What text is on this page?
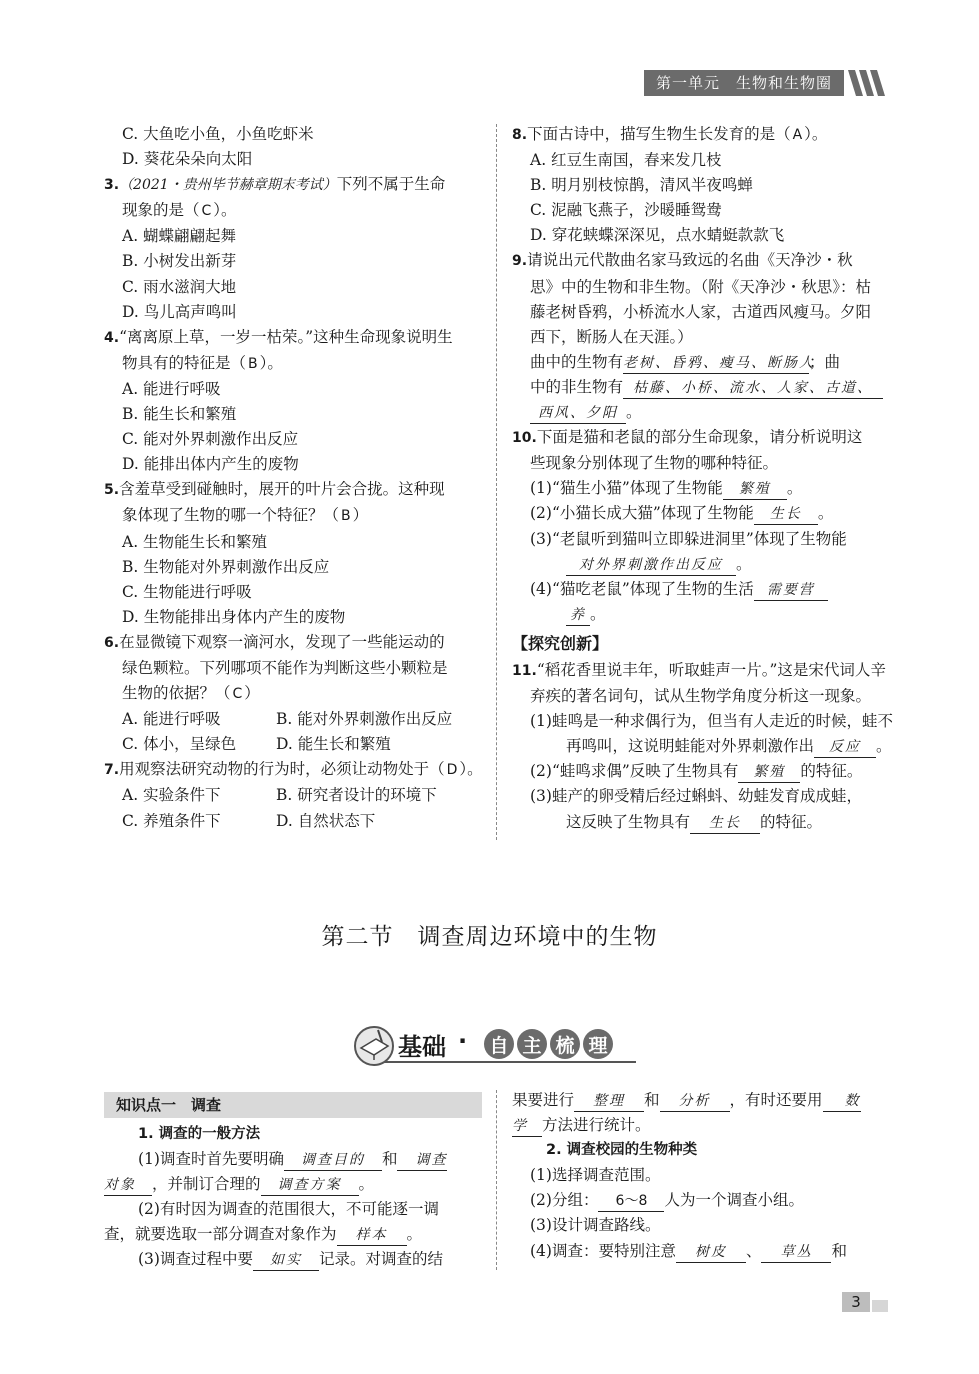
第一单元　生物和生物圈

C. 大鱼吃小鱼，小鱼吃虾米

D. 葵花朵朵向太阳

3.（2021・贵州毕节赫章期末考试）下列不属于生命

现象的是（ C ）。

A. 蝴蝶翩翩起舞

B. 小树发出新芽

C. 雨水滋润大地

D. 鸟儿高声鸣叫

4.“离离原上草，一岁一枯荣。”这种生命现象说明生

物具有的特征是（ B ）。

A. 能进行呼吸

B. 能生长和繁殖

C. 能对外界刺激作出反应

D. 能排出体内产生的废物

5.含羞草受到碰触时，展开的叶片会合拢。这种现

象体现了生物的哪一个特征？（ B ）

A. 生物能生长和繁殖

B. 生物能对外界刺激作出反应

C. 生物能进行呼吸

D. 生物能排出身体内产生的废物

6.在显微镜下观察一滴河水，发现了一些能运动的

绿色颗粒。下列哪项不能作为判断这些小颗粒是

生物的依据？（ C ）

A. 能进行呼吸	B. 能对外界刺激作出反应

C. 体小，呈绿色	D. 能生长和繁殖

7.用观察法研究动物的行为时，必须让动物处于（ D ）。

A. 实验条件下	B. 研究者设计的环境下

C. 养殖条件下	D. 自然状态下

8.下面古诗中，描写生物生长发育的是（ A ）。

A. 红豆生南国，春来发几枝

B. 明月别枝惊鹊，清风半夜鸣蝉

C. 泥融飞燕子，沙暖睡鸳鸯

D. 穿花蛱蝶深深见，点水蜻蜓款款飞

9.请说出元代散曲名家马致远的名曲《天净沙・秋

思》中的生物和非生物。（附《天净沙・秋思》：枯

藤老树昏鸦，小桥流水人家，古道西风瘦马。夕阳

西下，断肠人在天涯。）

曲中的生物有老树、昏鸦、瘦马、断肠人；曲

中的非生物有 枯藤、小桥、流水、人家、古道、

西风、夕阳 。

10.下面是猫和老鼠的部分生命现象，请分析说明这

些现象分别体现了生物的哪种特征。

(1)“猫生小猫”体现了生物能 繁殖 。

(2)“小猫长成大猫”体现了生物能 生长 。

(3)“老鼠听到猫叫立即躲进洞里”体现了生物能

对外界刺激作出反应 。

(4)“猫吃老鼠”体现了生物的生活 需要营

养 。

【探究创新】

11.“稻花香里说丰年，听取蛙声一片。”这是宋代词人辛

弃疾的著名词句，试从生物学角度分析这一现象。

(1)蛙鸣是一种求偶行为，但当有人走近的时候，蛙不

再鸣叫，这说明蛙能对外界刺激作出 反应 。

(2)“蛙鸣求偶”反映了生物具有 繁殖 的特征。

(3)蛙产的卵受精后经过蝌蚪、幼蛙发育成成蛙，

这反映了生物具有 生长 的特征。

第二节　调查周边环境中的生物
基础 · 自 主 梳 理
知识点一　调查

1. 调查的一般方法

(1)调查时首先要明确 调查目的 和 调查

对象 ，并制订合理的 调查方案 。

(2)有时因为调查的范围很大，不可能逐一调

查，就要选取一部分调查对象作为 样本 。

(3)调查过程中要 如实 记录。对调查的结

果要进行 整理 和 分析 ，有时还要用 数

学 方法进行统计。

2. 调查校园的生物种类

(1)选择调查范围。

(2)分组： 6～8 人为一个调查小组。

(3)设计调查路线。

(4)调查：要特别注意 树皮 、 草丛 和

3
